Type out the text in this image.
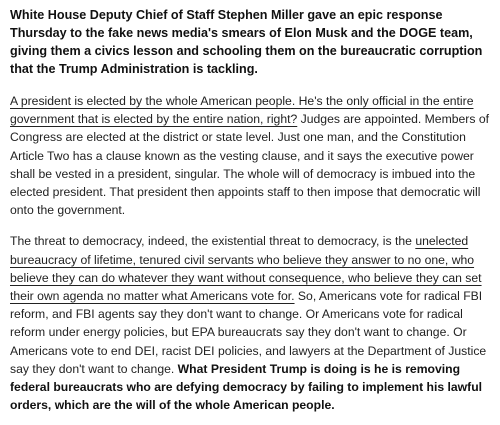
White House Deputy Chief of Staff Stephen Miller gave an epic response Thursday to the fake news media's smears of Elon Musk and the DOGE team, giving them a civics lesson and schooling them on the bureaucratic corruption that the Trump Administration is tackling.

A president is elected by the whole American people. He's the only official in the entire government that is elected by the entire nation, right? Judges are appointed. Members of Congress are elected at the district or state level. Just one man, and the Constitution Article Two has a clause known as the vesting clause, and it says the executive power shall be vested in a president, singular. The whole will of democracy is imbued into the elected president. That president then appoints staff to then impose that democratic will onto the government.

The threat to democracy, indeed, the existential threat to democracy, is the unelected bureaucracy of lifetime, tenured civil servants who believe they answer to no one, who believe they can do whatever they want without consequence, who believe they can set their own agenda no matter what Americans vote for. So, Americans vote for radical FBI reform, and FBI agents say they don't want to change. Or Americans vote for radical reform under energy policies, but EPA bureaucrats say they don't want to change. Or Americans vote to end DEI, racist DEI policies, and lawyers at the Department of Justice say they don't want to change. What President Trump is doing is he is removing federal bureaucrats who are defying democracy by failing to implement his lawful orders, which are the will of the whole American people.
